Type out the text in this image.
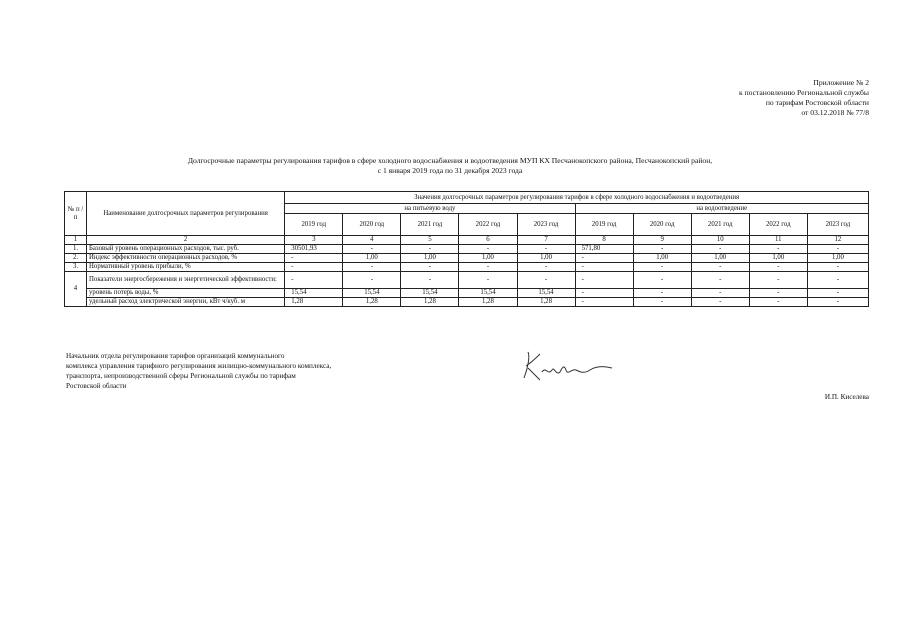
Приложение № 2
к постановлению Региональной службы
по тарифам Ростовской области
от 03.12.2018 № 77/8
Долгосрочные параметры регулирования тарифов в сфере холодного водоснабжения и водоотведения МУП КХ Песчанокопского района, Песчанокопский район,
с 1 января 2019 года по 31 декабря 2023 года
№ п /п	Наименование долгосрочных параметров регулирования	Значения долгосрочных параметров регулирования тарифов в сфере холодного водоснабжения и водоотведения									
		на питьевую воду					на водоотведение				
		2019 год	2020 год	2021 год	2022 год	2023 год	2019 год	2020 год	2021 год	2022 год	2023 год
1	2	3	4	5	6	7	8	9	10	11	12
1.	Базовый уровень операционных расходов, тыс. руб.	30501,93	-	-	-	-	571,80	-	-	-	-
2.	Индекс эффективности операционных расходов, %	-	1,00	1,00	1,00	1,00	-	1,00	1,00	1,00	1,00
3.	Нормативный уровень прибыли, %	-	-	-	-	-	-	-	-	-	-
4	Показатели энергосбережения и энергетической эффективности:	-	-	-	-	-	-	-	-	-	-
	уровень потерь воды, %	15,54	15,54	15,54	15,54	15,54	-	-	-	-	-
	удельный расход электрической энергии, кВт ч/куб. м	1,28	1,28	1,28	1,28	1,28	-	-	-	-	-
Начальник отдела регулирования тарифов организаций коммунального
комплекса управления тарифного регулирования жилищно-коммунального комплекса,
транспорта, непроизводственной сферы Региональной службы по тарифам
Ростовской области
И.П. Киселева
